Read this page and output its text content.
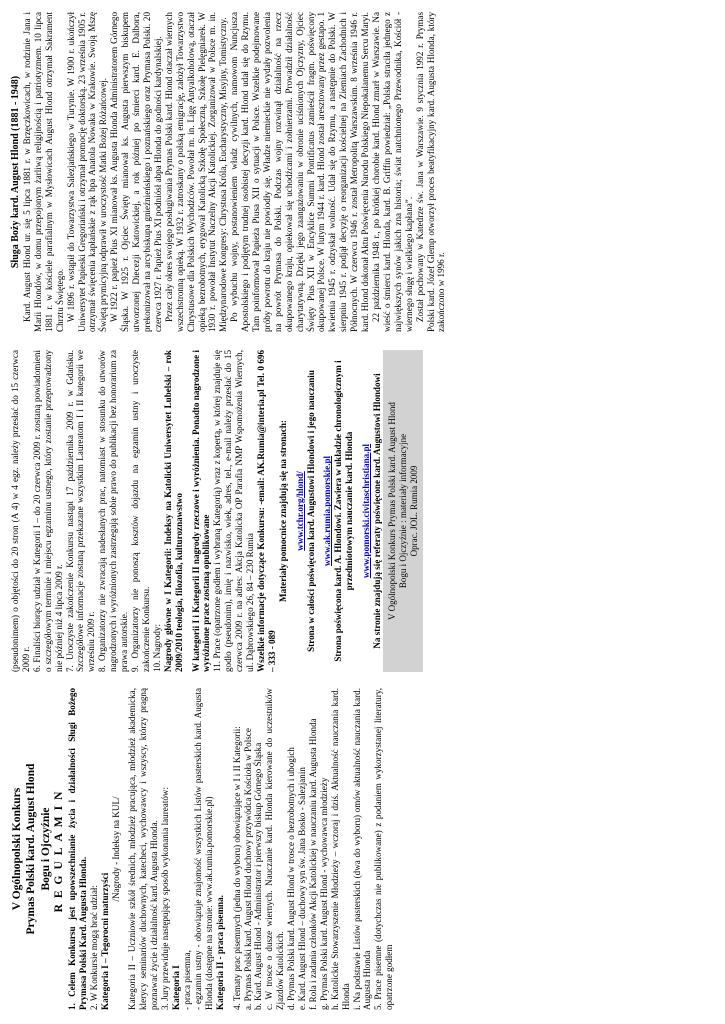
V Ogólnopolski Konkurs Prymas Polski kard. August Hlond Bogu i Ojczyźnie REGULAMIN 1. Celem Konkursu jest upowszechnianie życia i działalności Sługi Bożego Prymasa Polski Kard. Augusta Hlonda. 2. W Konkursie mogą brać udział: Kategoria I – Tegorocni maturzyści

/Nagrody - Indeksy na KUL/ Kategoria II – Uczniowie szkół średnich, młodzież pracująca, młodzież akademicka, klerycy seminariów duchownych, katecheci, wychowawcy i wszyscy, którzy pragną poznawać życie i działalność kard. Augusta Hlonda. 3. Jury przewiduje następujący sposób wykonania laureatów: Kategoria I - praca pisemna, - egzamin ustny - obowiązuje znajomość wszystkich Listów pasterskich kard. Augusta Hlonda (dostępne na stronie: www.ak.rumia.pomorskie.pl) Kategoria II - praca pisemna. 4. Tematy prac pisemnych (jedna do wyboru) obowiązujące w I i II Kategorii: a. Prymas Polski kard. August Hlond duchowy przywódca Kościoła w Polsce b. Kard. August Hlond - Administrator i pierwszy biskup Górnego Śląska c. W trosce o dusze wiernych. Nauczanie kard. Hlonda kierowane do uczestników Zjazdów Katolickich. d. Prymas Polski kard. August Hlond w trosce o bezrobotnych i ubogich e. Kard. August Hlond – duchowy syn św. Jana Bosko - Salezjanin f. Rola i zadania członków Akcji Katolickiej w nauczaniu kard. Augusta Hlonda g. Prymas Polski kard. August Hlond - wychowawca młodzieży h. Katolickie Stowarzyszenie Młodzieży – wczoraj i dziś. Aktualność nauczania kard. Hlonda i. Na podstawie Listów pasterskich (dwa do wyboru) omów aktualność nauczania kard. Augusta Hlonda 5. Prace pisemne (dotychczas nie publikowane) z podaniem wykorzystanej literatury, opatrzone godłem

(pseudonimem) o objętości do 20 stron (A 4) w 4 egz. należy przesłać do 15 czerwca 2009 r. 6. Finaliści biorący udział w Kategorii I – do 20 czerwca 2009 r. zostaną powiadomieni o szczegółowym terminie i miejscu egzaminu ustnego, który zostanie przeprowadzony nie później niż 4 lipca 2009 r. 7. Uroczyste zakończenie Konkursu nastąpi 17 października 2009 r. w Gdańsku. Szczegółowe informacje zostaną przekazane wszystkim Laureatom I i II kategorii we wrześniu 2009 r. 8. Organizatorzy nie zwracają nadesłanych prac, natomiast w stosunku do utworów nagrodzonych i wyróżnionych zastrzegają sobie prawo do publikacji bez honorarium za prawa autorskie. 9. Organizatorzy nie ponoszą kosztów dojazdu na egzamin ustny i uroczyste zakończenie Konkursu. 10. Nagrody: Nagrody główne w I Kategorii: Indeksy na Katolicki Uniwersytet Lubelski – rok 2009/2010 teologia, filozofia, kulturoznawstwo W kategorii I i Kategorii II nagrody rzeczowe i wyróżnienia. Ponadto nagrodzone i wyróżnione prace zostaną opublikowane 11. Prace (opatrzone godłem i wybraną Kategorią) wraz z kopertą, w której znajduje się godło (pseudonim), imię i nazwisko, wiek, adres, tel., e-mail należy przesłać do 15 czerwca 2009 r. na adres: Akcja Katolicka OP Parafia NMP Wspomożenia Wiernych, ul. Dąbrowskiego 26, 84 – 230 Rumia Wszelkie informacje dotyczące Konkursu: -email: AK.Rumia@interia.pl Tel. 0 696 – 333 - 089

Materiały pomocnice znajdują się na stronach: www.tchr.org/hlond/ Strona w całości poświęcona kard. Augustowi Hlondowi i jego nauczaniu www.ak.rumia.pomorskie.pl Strona poświęcona kard. A. Hlondowi. Zawiera w układzie chronologicznym i przedmiotowym nauczanie kard. Hlonda www.pomorski.civitaschristiana.pl Na stronie znajdują się referaty poświęcone kard. Augustowi Hlondowi V Ogólnopolski Konkurs Prymas Polski kard. August Hlond Bogu i Ojczyźnie : materiały informacyjne Oprac. JOL. Rumia 2009
Sługa Boży kard. August Hlond (1881 - 1948) Kard. August Hlond ur. się 5 lipca 1881 r. w Brzęczkowicach, w rodzinie Jana i Marii Hlondów, w domu przepojonym żarliwą religijnością i patriotyzmem. 10 lipca 1881 r. w kościele parafialnym w Mysłowicach August Hlond otrzymał Sakrament Chrztu Świętego. W 1896 r. wstąpił do Towarzystwa Salezjańskiego w Turynie. W 1900 r. ukończył Uniwersytet Papieski Gregoriański i otrzymał promocję doktorską. 23 września 1905 r. otrzymał święcenia kapłańskie z rąk bpa Anatola Nowaka w Krakowie. Swoją Mszę Świętą prymicyjną odprawił w uroczystość Matki Bożej Różańcowej. W 1922 r. papież Pius XI mianował ks. Augusta Hlonda Administratorem Górnego Śląska. W 1925 r. Ojciec Święty mianował ks. Augusta pierwszym biskupem utworzonej Diecezji Katowickiej, a rok później po śmierci kard. E. Dalbora, prekonizował na arcybiskupa gnieźnieńskiego i poznańskiego oraz Prymasa Polski. 20 czerwca 1927 r. Papież Pius XI podniósł abpa Hlonda do godności kardynalskiej. Przez cały okres swojego posługiwania Prymas Polski kard. Hlond otaczał wiernych wszechstronną opieką. W 1932 r. zatroskany o polską emigrację, założył Towarzystwo Chrystusowe dla Polskich Wychodźców. Powołał m. in. Ligę Antyalkoholową, otaczał opieką bezrobotnych, erygował Katolicką Szkołę Społeczną, Szkołę Pielęgniarek. W 1930 r. powołał Instytut Naczelny Akcji Katolickiej. Zorganizował w Polsce m. in. Międzynarodowe Kongresy: Chrystusa Króla, Eucharystyczny, Misyjny, Tomistyczny. Po wybuchu wojny, postanowieniem władz cywilnych, namowom Nuncjusza Apostolskiego i podjętym trudnej osobistej decyzji kard. Hlond udał się do Rzymu. Tam poinformował Papieża Piusa XII o sytuacji w Polsce. Wszelkie podejmowane próby powrotu do kraju nie powiodły się. Władze niemieckie nie wydały pozwolenia na powrót Prymasa do Polski. Podczas wojny rozwinął działalność na rzecz okupowanego kraju, opiekował się uchodźcami i zołnierzami. Prowadził działalność charytatywną. Dzięki jego zaangażowaniu w obronie uciśnionych Ojczyzny, Ojciec Święty Pius XII w Encyklice Summi Pontificatus zamieścił fragm. poświęcony okupowanej Polsce. W lutym 1944 r. kard. Hlond został aresztowany przez gestapo. 1 kwietnia 1945 r. odzyskał wolność. Udał się do Rzymu, a następnie do Polski. W sierpniu 1945 r. podjął decyzję o reorganizacji kościelnej na Ziemiach Zachodnich i Północnych. W czerwcu 1946 r. został Metropolitą Warszawskim. 8 września 1946 r. kard. Hlond dokonał Aktu Poświęcenia Narodu Polskiego Niepokalanemu Sercu Maryi. 22 października 1948 r., po krótkiej chorobie kard. Hlond zmarł w Warszawie. Na wieść o śmierci kard. Hlonda, kard. B. Griffin powiedział: „Polska straciła jednego z największych synów jakich zna historia; świat natchnionego Przewodnika, Kościół - wiernego sługę i wielkiego kapłana”. Został pochowany w Katedrze św. Jana w Warszawie. 9 stycznia 1992 r. Prymas Polski kard. Józef Glemp otworzył proces beatyfikacyjny kard. Augusta Hlonda, który zakończono w 1996 r.
